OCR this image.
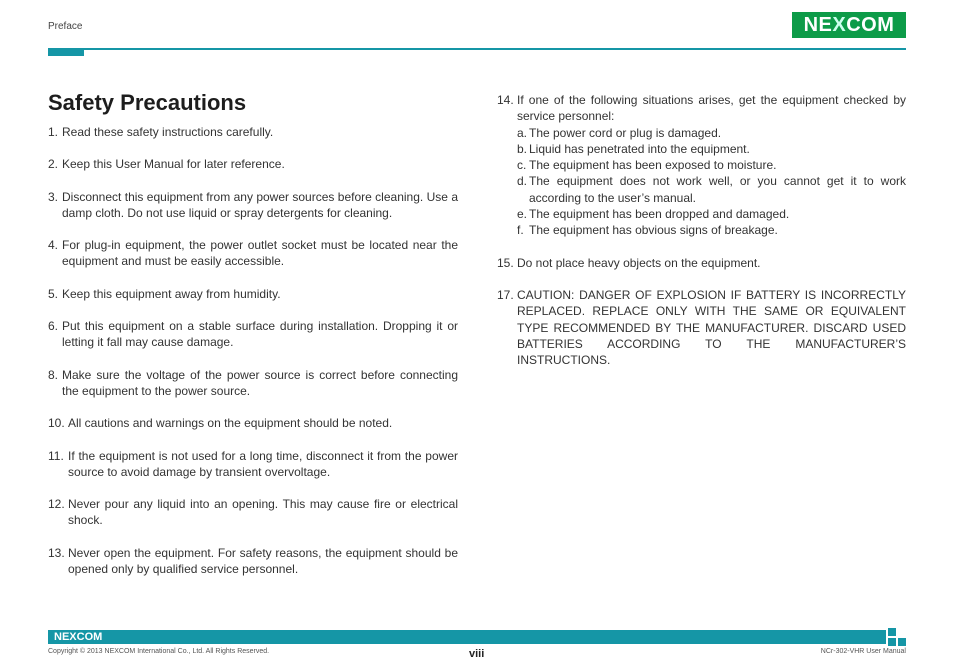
Preface	NEXCOM
Safety Precautions
1. Read these safety instructions carefully.
2. Keep this User Manual for later reference.
3. Disconnect this equipment from any power sources before cleaning. Use a damp cloth. Do not use liquid or spray detergents for cleaning.
4. For plug-in equipment, the power outlet socket must be located near the equipment and must be easily accessible.
5. Keep this equipment away from humidity.
6. Put this equipment on a stable surface during installation. Dropping it or letting it fall may cause damage.
8. Make sure the voltage of the power source is correct before connecting the equipment to the power source.
10. All cautions and warnings on the equipment should be noted.
11. If the equipment is not used for a long time, disconnect it from the power source to avoid damage by transient overvoltage.
12. Never pour any liquid into an opening. This may cause fire or electrical shock.
13. Never open the equipment. For safety reasons, the equipment should be opened only by qualified service personnel.
14. If one of the following situations arises, get the equipment checked by service personnel:
a. The power cord or plug is damaged.
b. Liquid has penetrated into the equipment.
c. The equipment has been exposed to moisture.
d. The equipment does not work well, or you cannot get it to work according to the user’s manual.
e. The equipment has been dropped and damaged.
f. The equipment has obvious signs of breakage.
15. Do not place heavy objects on the equipment.
17. CAUTION: DANGER OF EXPLOSION IF BATTERY IS INCORRECTLY REPLACED. REPLACE ONLY WITH THE SAME OR EQUIVALENT TYPE RECOMMENDED BY THE MANUFACTURER. DISCARD USED BATTERIES ACCORDING TO THE MANUFACTURER’S INSTRUCTIONS.
NEXCOM
Copyright © 2013 NEXCOM International Co., Ltd. All Rights Reserved.	viii	NCr-302-VHR User Manual
